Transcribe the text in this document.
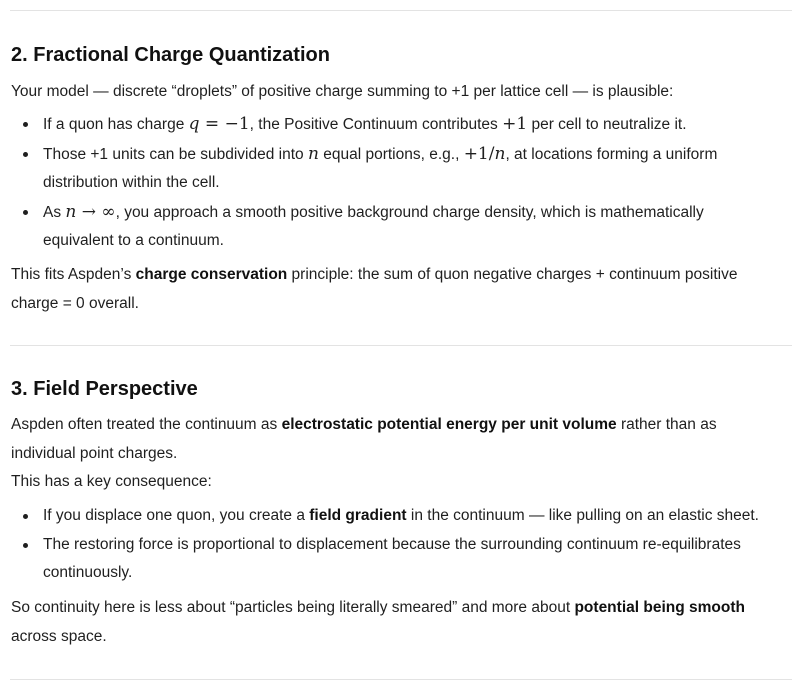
2. Fractional Charge Quantization

Your model — discrete “droplets” of positive charge summing to +1 per lattice cell — is plausible:

If a quon has charge q = −1, the Positive Continuum contributes +1 per cell to neutralize it.
Those +1 units can be subdivided into n equal portions, e.g., +1/n, at locations forming a uniform
distribution within the cell.
As n → ∞, you approach a smooth positive background charge density, which is mathematically
equivalent to a continuum.

This fits Aspden’s charge conservation principle: the sum of quon negative charges + continuum positive
charge = 0 overall.

3. Field Perspective

Aspden often treated the continuum as electrostatic potential energy per unit volume rather than as
individual point charges.
This has a key consequence:

If you displace one quon, you create a field gradient in the continuum — like pulling on an elastic sheet.
The restoring force is proportional to displacement because the surrounding continuum re-equilibrates
continuously.

So continuity here is less about “particles being literally smeared” and more about potential being smooth
across space.
